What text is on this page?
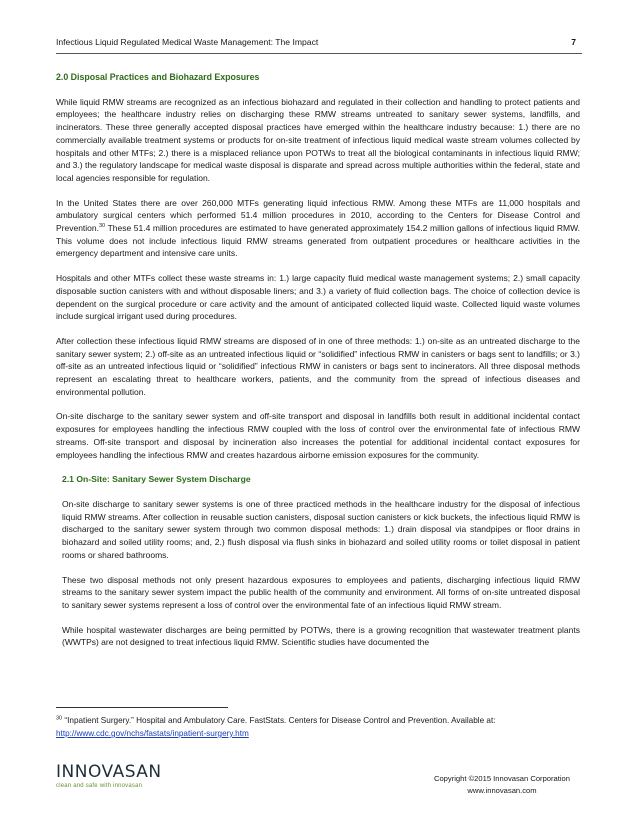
Infectious Liquid Regulated Medical Waste Management: The Impact	7
2.0 Disposal Practices and Biohazard Exposures
While liquid RMW streams are recognized as an infectious biohazard and regulated in their collection and handling to protect patients and employees; the healthcare industry relies on discharging these RMW streams untreated to sanitary sewer systems, landfills, and incinerators. These three generally accepted disposal practices have emerged within the healthcare industry because: 1.) there are no commercially available treatment systems or products for on-site treatment of infectious liquid medical waste stream volumes collected by hospitals and other MTFs; 2.) there is a misplaced reliance upon POTWs to treat all the biological contaminants in infectious liquid RMW; and 3.) the regulatory landscape for medical waste disposal is disparate and spread across multiple authorities within the federal, state and local agencies responsible for regulation.
In the United States there are over 260,000 MTFs generating liquid infectious RMW. Among these MTFs are 11,000 hospitals and ambulatory surgical centers which performed 51.4 million procedures in 2010, according to the Centers for Disease Control and Prevention.$^{30}$ These 51.4 million procedures are estimated to have generated approximately 154.2 million gallons of infectious liquid RMW. This volume does not include infectious liquid RMW streams generated from outpatient procedures or healthcare activities in the emergency department and intensive care units.
Hospitals and other MTFs collect these waste streams in: 1.) large capacity fluid medical waste management systems; 2.) small capacity disposable suction canisters with and without disposable liners; and 3.) a variety of fluid collection bags. The choice of collection device is dependent on the surgical procedure or care activity and the amount of anticipated collected liquid waste. Collected liquid waste volumes include surgical irrigant used during procedures.
After collection these infectious liquid RMW streams are disposed of in one of three methods: 1.) on-site as an untreated discharge to the sanitary sewer system; 2.) off-site as an untreated infectious liquid or “solidified” infectious RMW in canisters or bags sent to landfills; or 3.) off-site as an untreated infectious liquid or “solidified” infectious RMW in canisters or bags sent to incinerators. All three disposal methods represent an escalating threat to healthcare workers, patients, and the community from the spread of infectious diseases and environmental pollution.
On-site discharge to the sanitary sewer system and off-site transport and disposal in landfills both result in additional incidental contact exposures for employees handling the infectious RMW coupled with the loss of control over the environmental fate of infectious RMW streams. Off-site transport and disposal by incineration also increases the potential for additional incidental contact exposures for employees handling the infectious RMW and creates hazardous airborne emission exposures for the community.
2.1 On-Site: Sanitary Sewer System Discharge
On-site discharge to sanitary sewer systems is one of three practiced methods in the healthcare industry for the disposal of infectious liquid RMW streams. After collection in reusable suction canisters, disposal suction canisters or kick buckets, the infectious liquid RMW is discharged to the sanitary sewer system through two common disposal methods: 1.) drain disposal via standpipes or floor drains in biohazard and soiled utility rooms; and, 2.) flush disposal via flush sinks in biohazard and soiled utility rooms or toilet disposal in patient rooms or shared bathrooms.
These two disposal methods not only present hazardous exposures to employees and patients, discharging infectious liquid RMW streams to the sanitary sewer system impact the public health of the community and environment. All forms of on-site untreated disposal to sanitary sewer systems represent a loss of control over the environmental fate of an infectious liquid RMW stream.
While hospital wastewater discharges are being permitted by POTWs, there is a growing recognition that wastewater treatment plants (WWTPs) are not designed to treat infectious liquid RMW. Scientific studies have documented the
$^{30}$ “Inpatient Surgery.” Hospital and Ambulatory Care. FastStats. Centers for Disease Control and Prevention. Available at:
http://www.cdc.gov/nchs/fastats/inpatient-surgery.htm
INNOVASAN
clean and safe with innovasan
Copyright ©2015 Innovasan Corporation
www.innovasan.com
